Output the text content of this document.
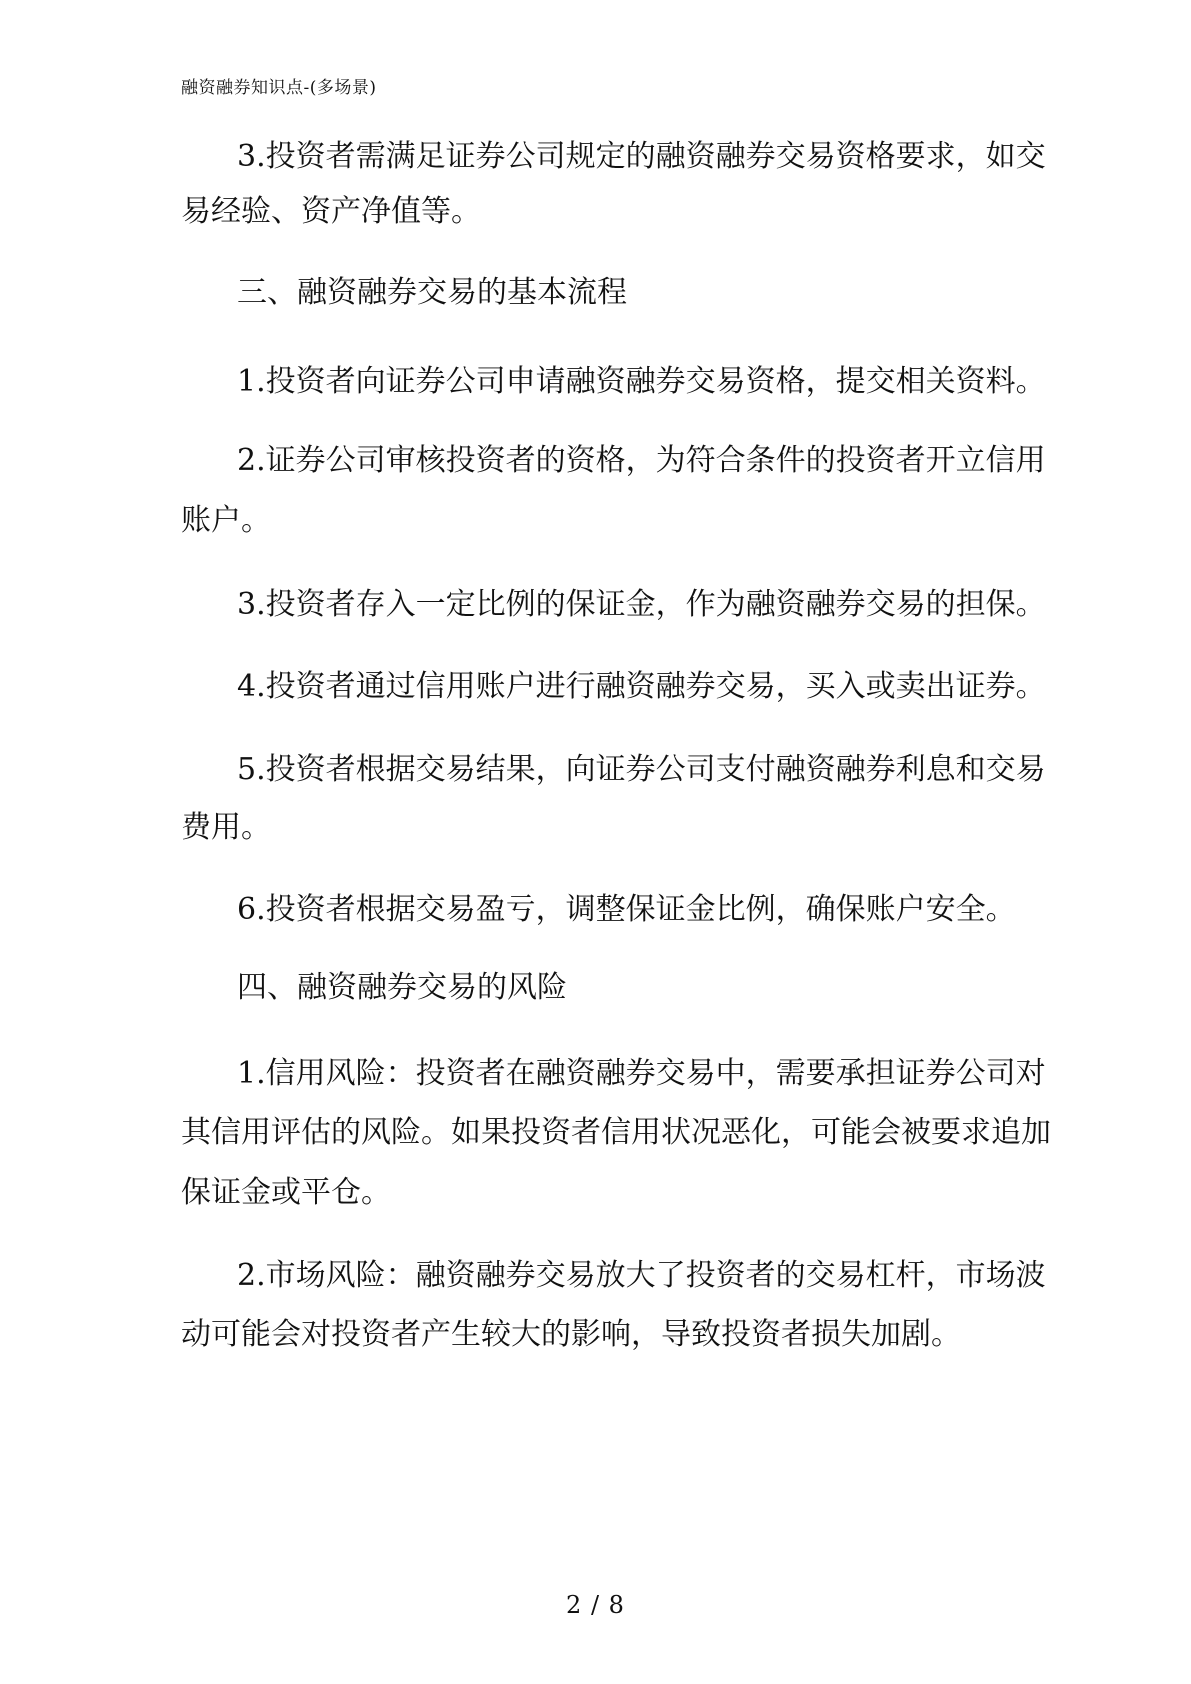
融资融券知识点-(多场景)
3.投资者需满足证券公司规定的融资融券交易资格要求，如交
易经验、资产净值等。
三、融资融券交易的基本流程
1.投资者向证券公司申请融资融券交易资格，提交相关资料。
2.证券公司审核投资者的资格，为符合条件的投资者开立信用
账户。
3.投资者存入一定比例的保证金，作为融资融券交易的担保。
4.投资者通过信用账户进行融资融券交易，买入或卖出证券。
5.投资者根据交易结果，向证券公司支付融资融券利息和交易
费用。
6.投资者根据交易盈亏，调整保证金比例，确保账户安全。
四、融资融券交易的风险
1.信用风险：投资者在融资融券交易中，需要承担证券公司对
其信用评估的风险。如果投资者信用状况恶化，可能会被要求追加
保证金或平仓。
2.市场风险：融资融券交易放大了投资者的交易杠杆，市场波
动可能会对投资者产生较大的影响，导致投资者损失加剧。
2 / 8
